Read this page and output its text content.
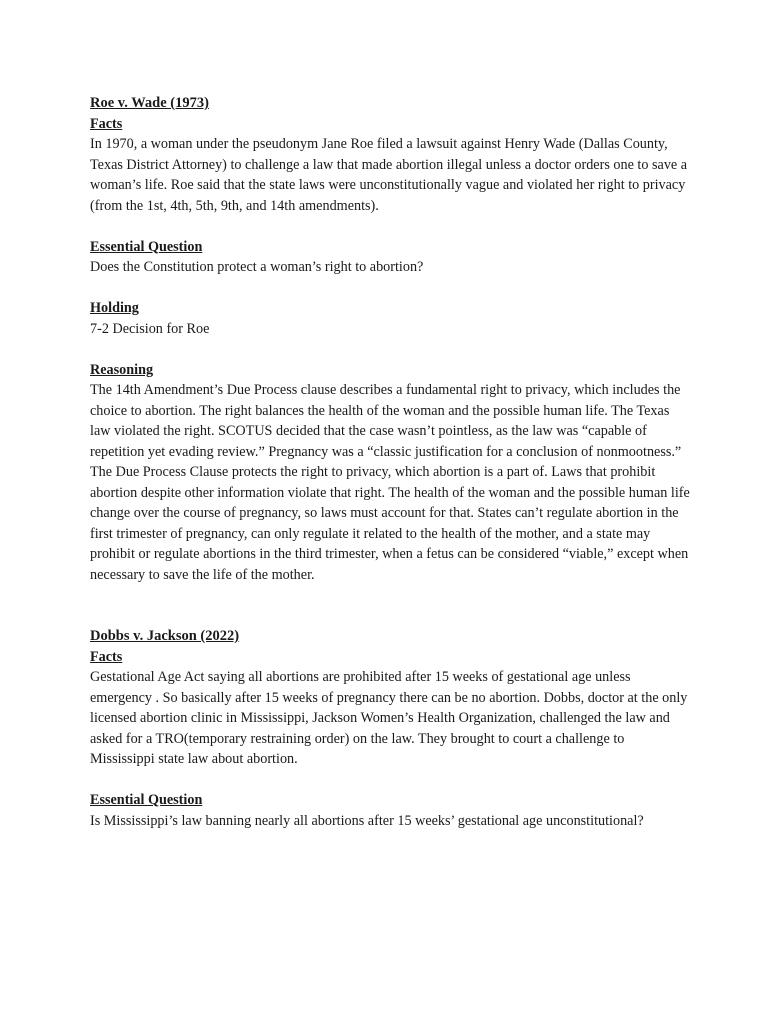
Roe v. Wade (1973)

Facts

In 1970, a woman under the pseudonym Jane Roe filed a lawsuit against Henry Wade (Dallas County, Texas District Attorney) to challenge a law that made abortion illegal unless a doctor orders one to save a woman’s life. Roe said that the state laws were unconstitutionally vague and violated her right to privacy (from the 1st, 4th, 5th, 9th, and 14th amendments).

Essential Question

Does the Constitution protect a woman’s right to abortion?

Holding

7-2 Decision for Roe

Reasoning

The 14th Amendment’s Due Process clause describes a fundamental right to privacy, which includes the choice to abortion. The right balances the health of the woman and the possible human life. The Texas law violated the right. SCOTUS decided that the case wasn’t pointless, as the law was “capable of repetition yet evading review.” Pregnancy was a “classic justification for a conclusion of nonmootness.” The Due Process Clause protects the right to privacy, which abortion is a part of. Laws that prohibit abortion despite other information violate that right. The health of the woman and the possible human life change over the course of pregnancy, so laws must account for that. States can’t regulate abortion in the first trimester of pregnancy, can only regulate it related to the health of the mother, and a state may prohibit or regulate abortions in the third trimester, when a fetus can be considered “viable,” except when necessary to save the life of the mother.

Dobbs v. Jackson (2022)

Facts

Gestational Age Act saying all abortions are prohibited after 15 weeks of gestational age unless emergency . So basically after 15 weeks of pregnancy there can be no abortion. Dobbs, doctor at the only licensed abortion clinic in Mississippi, Jackson Women’s Health Organization, challenged the law and asked for a TRO(temporary restraining order) on the law. They brought to court a challenge to Mississippi state law about abortion.

Essential Question

Is Mississippi’s law banning nearly all abortions after 15 weeks’ gestational age unconstitutional?
